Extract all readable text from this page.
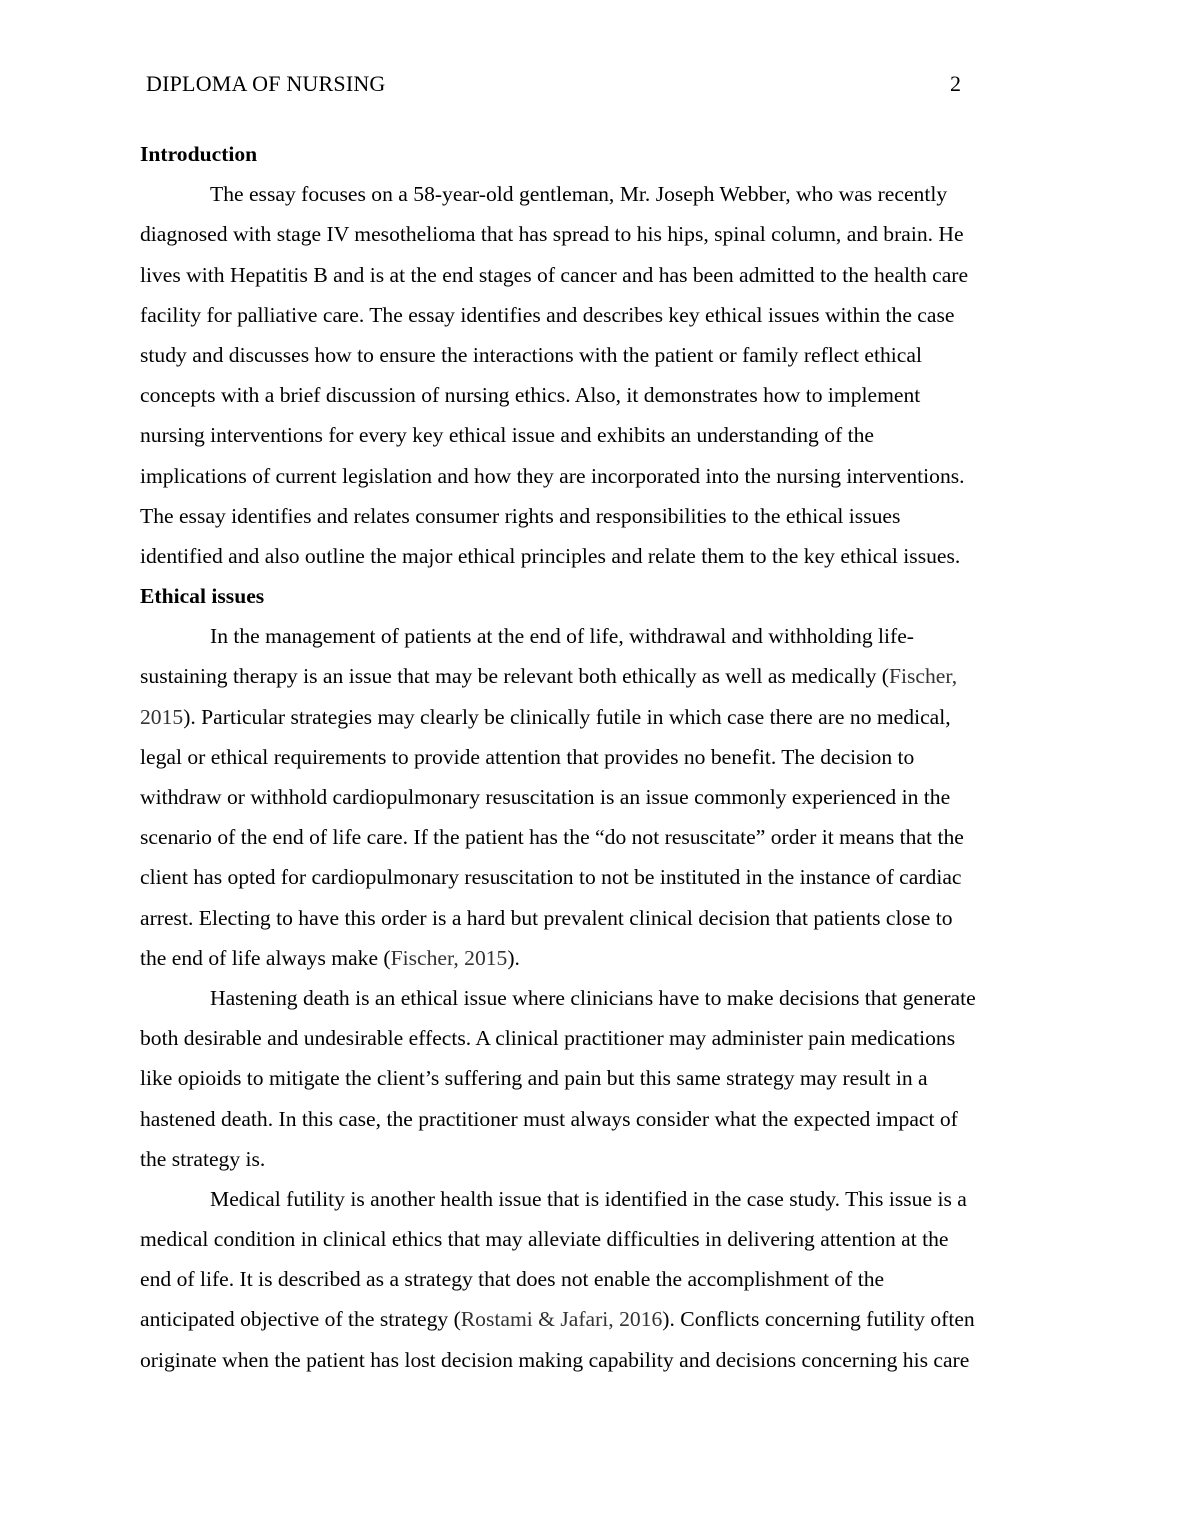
DIPLOMA OF NURSING	2
Introduction
The essay focuses on a 58-year-old gentleman, Mr. Joseph Webber, who was recently
diagnosed with stage IV mesothelioma that has spread to his hips, spinal column, and brain. He
lives with Hepatitis B and is at the end stages of cancer and has been admitted to the health care
facility for palliative care. The essay identifies and describes key ethical issues within the case
study and discusses how to ensure the interactions with the patient or family reflect ethical
concepts with a brief discussion of nursing ethics. Also, it demonstrates how to implement
nursing interventions for every key ethical issue and exhibits an understanding of the
implications of current legislation and how they are incorporated into the nursing interventions.
The essay identifies and relates consumer rights and responsibilities to the ethical issues
identified and also outline the major ethical principles and relate them to the key ethical issues.
Ethical issues
In the management of patients at the end of life, withdrawal and withholding life-
sustaining therapy is an issue that may be relevant both ethically as well as medically (Fischer,
2015). Particular strategies may clearly be clinically futile in which case there are no medical,
legal or ethical requirements to provide attention that provides no benefit. The decision to
withdraw or withhold cardiopulmonary resuscitation is an issue commonly experienced in the
scenario of the end of life care. If the patient has the “do not resuscitate” order it means that the
client has opted for cardiopulmonary resuscitation to not be instituted in the instance of cardiac
arrest. Electing to have this order is a hard but prevalent clinical decision that patients close to
the end of life always make (Fischer, 2015).
Hastening death is an ethical issue where clinicians have to make decisions that generate
both desirable and undesirable effects. A clinical practitioner may administer pain medications
like opioids to mitigate the client’s suffering and pain but this same strategy may result in a
hastened death. In this case, the practitioner must always consider what the expected impact of
the strategy is.
Medical futility is another health issue that is identified in the case study. This issue is a
medical condition in clinical ethics that may alleviate difficulties in delivering attention at the
end of life. It is described as a strategy that does not enable the accomplishment of the
anticipated objective of the strategy (Rostami & Jafari, 2016). Conflicts concerning futility often
originate when the patient has lost decision making capability and decisions concerning his care
